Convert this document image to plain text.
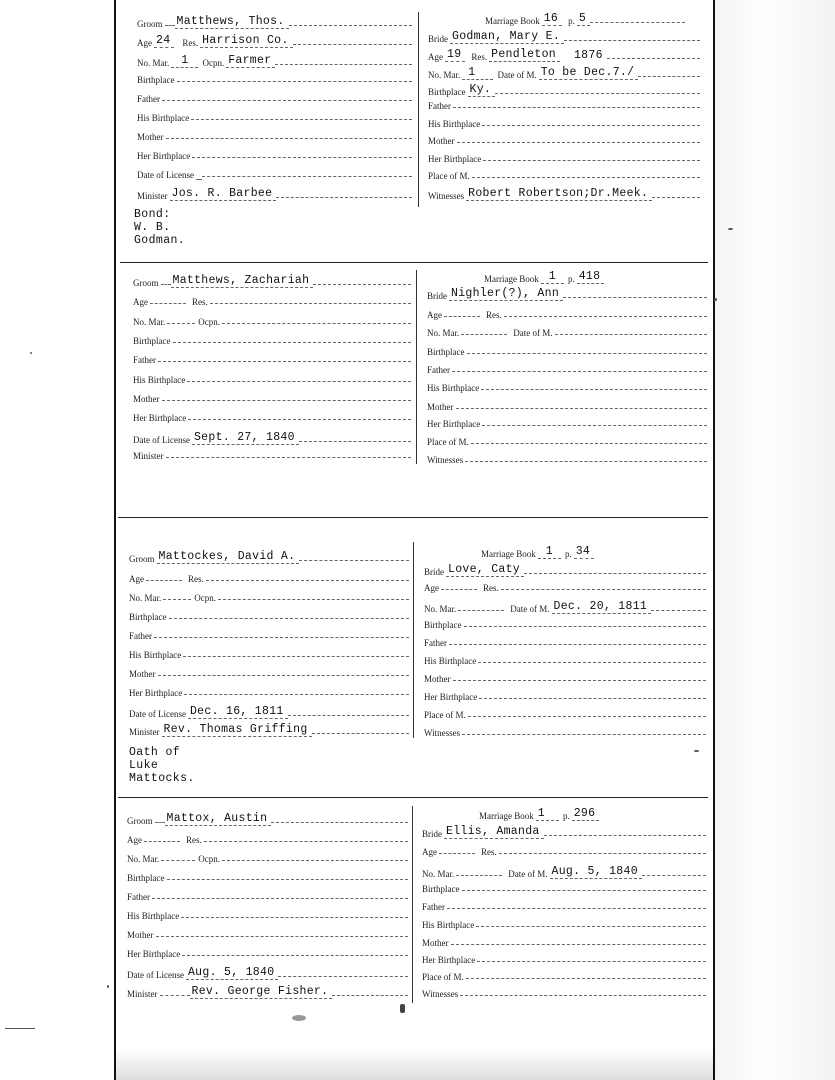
Groom Matthews, Thos.
Age 24	Res. Harrison Co.
No. Mar.	1	Ocpn. Farmer
Birthplace
Father
His Birthplace
Mother
Her Birthplace
Date of License
Minister Jos. R. Barbee
Bond: W. B. Godman.
Marriage Book 16	p. 5
Bride Godman, Mary E.
Age 19	Res. Pendleton	1876
No. Mar. 1	Date of M. To be Dec.7./
Birthplace Ky.
Father
His Birthplace
Mother
Her Birthplace
Place of M.
Witnesses Robert Robertson;Dr.Meek.
Groom Matthews, Zachariah
Age	Res.
No. Mar.	Ocpn.
Birthplace
Father
His Birthplace
Mother
Her Birthplace
Date of License Sept. 27, 1840
Minister
Marriage Book 1	p. 418
Bride Nighler(?), Ann
Age	Res.
No. Mar.	Date of M.
Birthplace
Father
His Birthplace
Mother
Her Birthplace
Place of M.
Witnesses
Groom Mattockes, David A.
Age	Res.
No. Mar.	Ocpn.
Birthplace
Father
His Birthplace
Mother
Her Birthplace
Date of License Dec. 16, 1811
Minister Rev. Thomas Griffing
Oath of Luke Mattocks.
Marriage Book 1	p. 34
Bride Love, Caty
Age	Res.
No. Mar.	Date of M. Dec. 20, 1811
Birthplace
Father
His Birthplace
Mother
Her Birthplace
Place of M.
Witnesses
Groom Mattox, Austin
Age	Res.
No. Mar.	Ocpn.
Birthplace
Father
His Birthplace
Mother
Her Birthplace
Date of License Aug. 5, 1840
Minister	Rev. George Fisher.
Marriage Book 1	p. 296
Bride Ellis, Amanda
Age	Res.
No. Mar.	Date of M. Aug. 5, 1840
Birthplace
Father
His Birthplace
Mother
Her Birthplace
Place of M.
Witnesses
